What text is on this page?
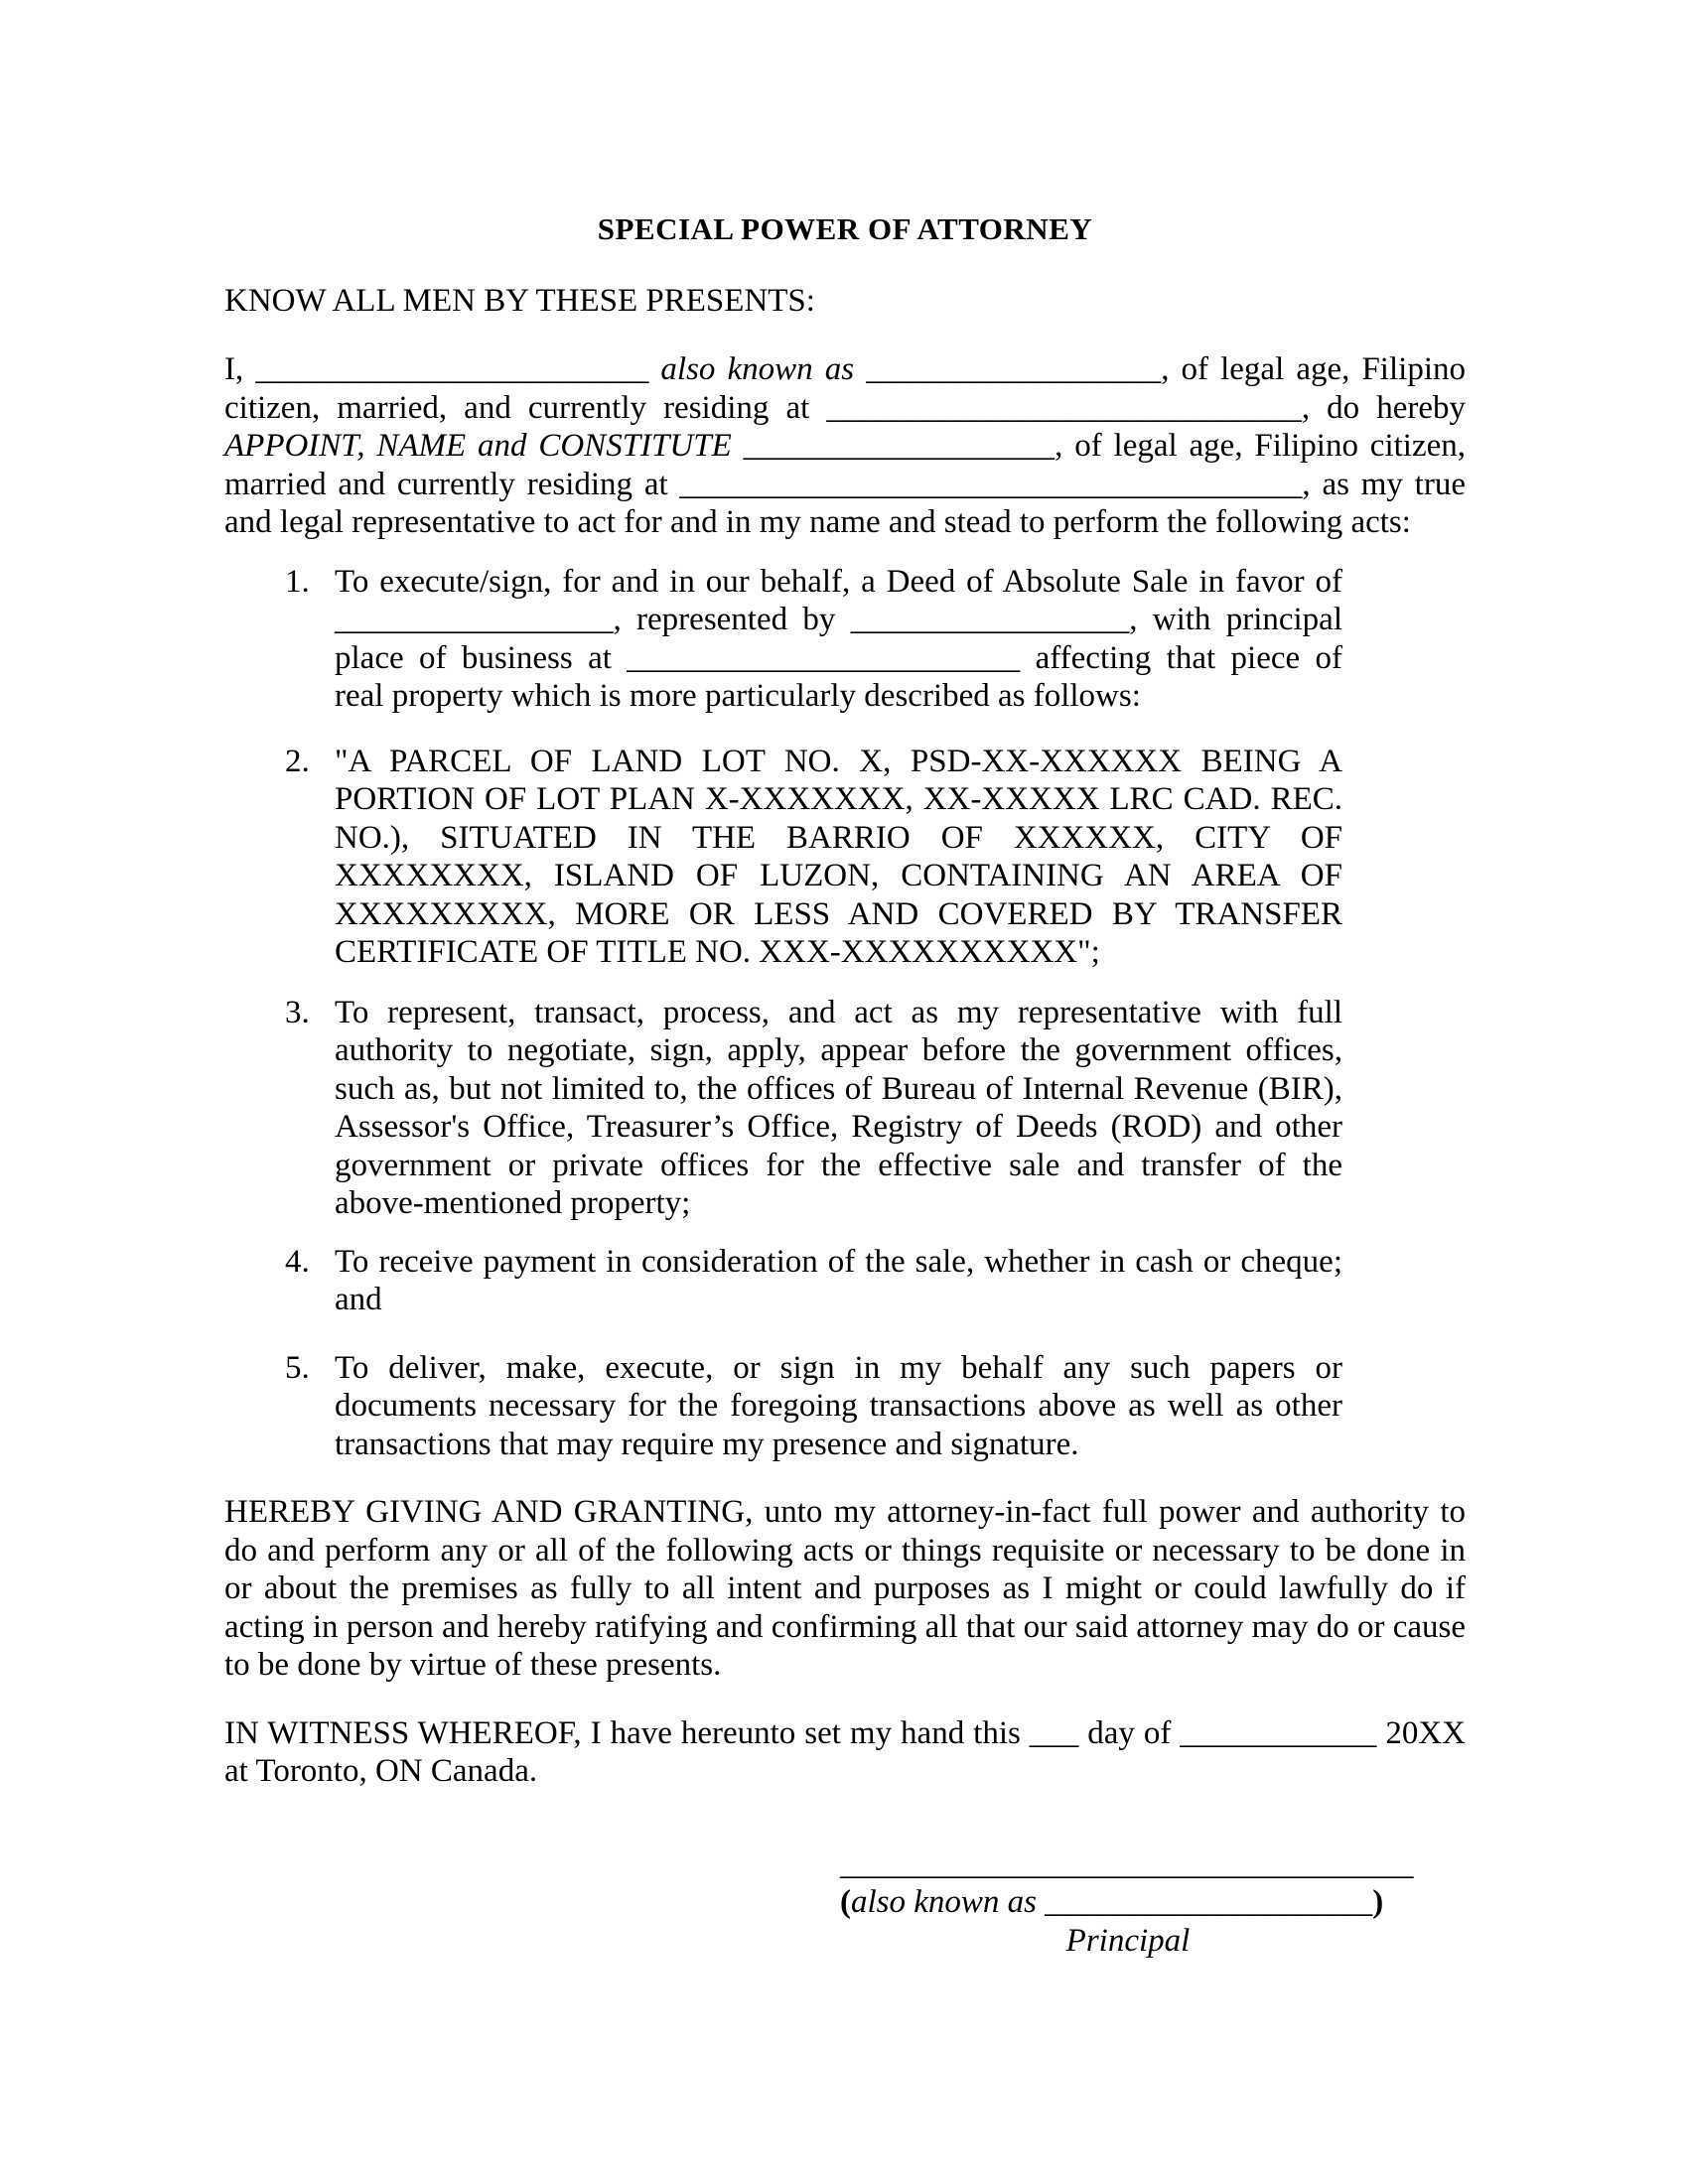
SPECIAL POWER OF ATTORNEY
KNOW ALL MEN BY THESE PRESENTS:

I, ________________________ also known as __________________, of legal age, Filipino citizen, married, and currently residing at _____________________________, do hereby APPOINT, NAME and CONSTITUTE ___________________, of legal age, Filipino citizen, married and currently residing at ______________________________________, as my true and legal representative to act for and in my name and stead to perform the following acts:

1. To execute/sign, for and in our behalf, a Deed of Absolute Sale in favor of _________________, represented by _________________, with principal place of business at ________________________ affecting that piece of real property which is more particularly described as follows:
2. "A PARCEL OF LAND LOT NO. X, PSD-XX-XXXXXX BEING A PORTION OF LOT PLAN X-XXXXXXX, XX-XXXXX LRC CAD. REC. NO.), SITUATED IN THE BARRIO OF XXXXXX, CITY OF XXXXXXXX, ISLAND OF LUZON, CONTAINING AN AREA OF XXXXXXXXX, MORE OR LESS AND COVERED BY TRANSFER CERTIFICATE OF TITLE NO. XXX-XXXXXXXXXX";
3. To represent, transact, process, and act as my representative with full authority to negotiate, sign, apply, appear before the government offices, such as, but not limited to, the offices of Bureau of Internal Revenue (BIR), Assessor's Office, Treasurer’s Office, Registry of Deeds (ROD) and other government or private offices for the effective sale and transfer of the above-mentioned property;
4. To receive payment in consideration of the sale, whether in cash or cheque; and
5. To deliver, make, execute, or sign in my behalf any such papers or documents necessary for the foregoing transactions above as well as other transactions that may require my presence and signature.

HEREBY GIVING AND GRANTING, unto my attorney-in-fact full power and authority to do and perform any or all of the following acts or things requisite or necessary to be done in or about the premises as fully to all intent and purposes as I might or could lawfully do if acting in person and hereby ratifying and confirming all that our said attorney may do or cause to be done by virtue of these presents.

IN WITNESS WHEREOF, I have hereunto set my hand this ___ day of ____________ 20XX at Toronto, ON Canada.

___________________________________
(also known as ____________________)
Principal
